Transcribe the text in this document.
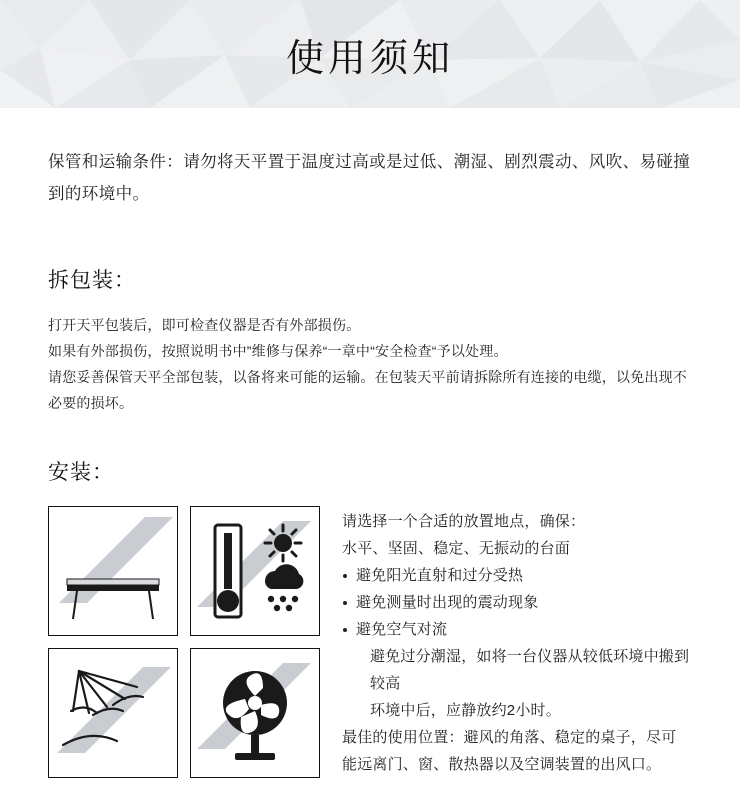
使用须知
保管和运输条件：请勿将天平置于温度过高或是过低、潮湿、剧烈震动、风吹、易碰撞到的环境中。
拆包装：

打开天平包装后，即可检查仪器是否有外部损伤。

如果有外部损伤，按照说明书中”维修与保养“一章中“安全检查“予以处理。

请您妥善保管天平全部包装，以备将来可能的运输。在包装天平前请拆除所有连接的电缆，以免出现不

必要的损坏。

安装：

请选择一个合适的放置地点，确保：

水平、坚固、稳定、无振动的台面

避免阳光直射和过分受热

避免测量时出现的震动现象

避免空气对流

避免过分潮湿，如将一台仪器从较低环境中搬到较高

环境中后，应静放约2小时。

最佳的使用位置：避风的角落、稳定的桌子，尽可

能远离门、窗、散热器以及空调装置的出风口。
